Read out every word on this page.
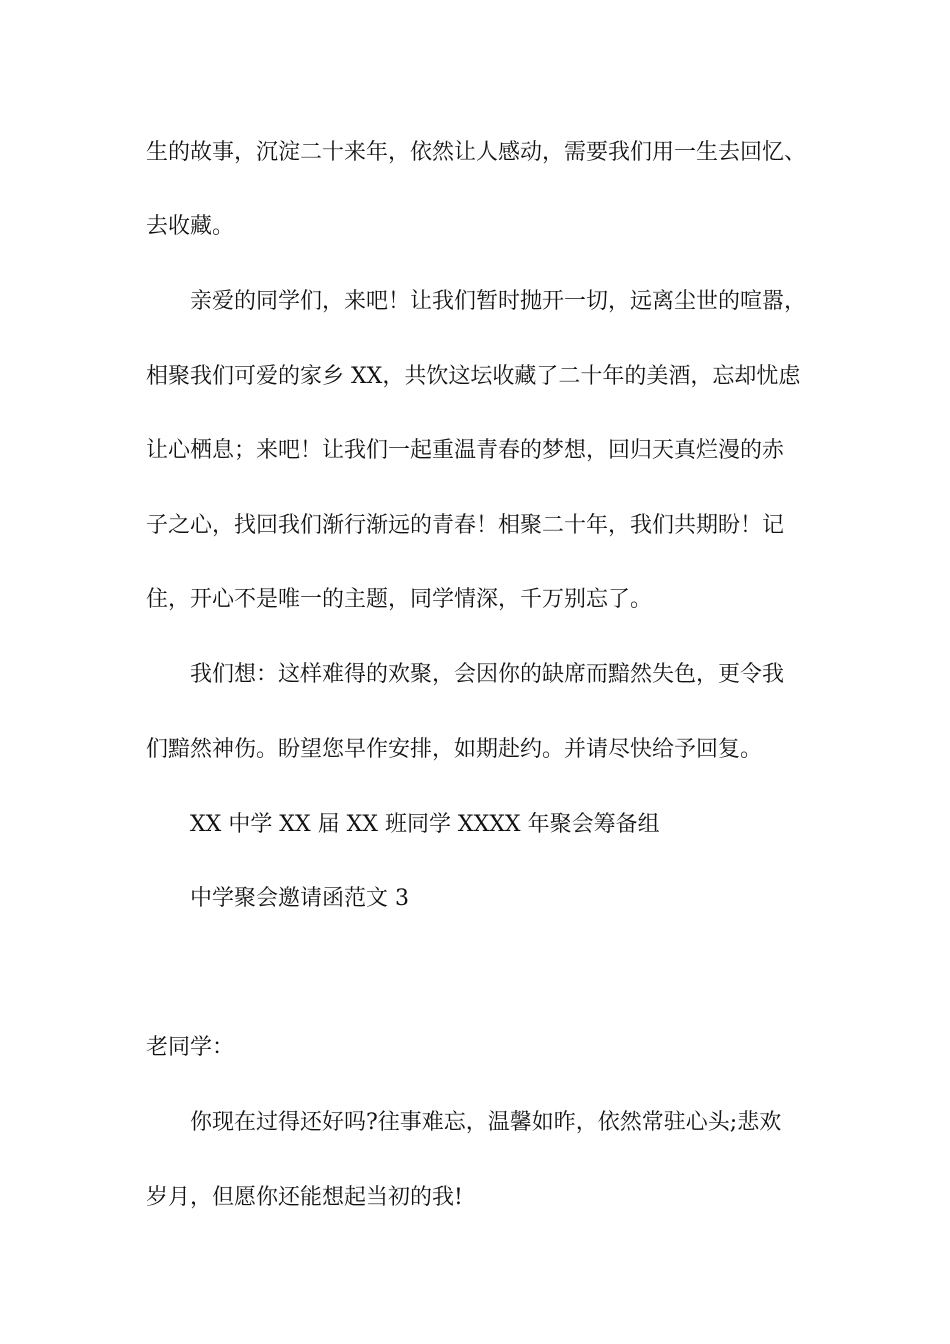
生的故事，沉淀二十来年，依然让人感动，需要我们用一生去回忆、
去收藏。
亲爱的同学们，来吧！让我们暂时抛开一切，远离尘世的喧嚣，
相聚我们可爱的家乡 XX，共饮这坛收藏了二十年的美酒，忘却忧虑
让心栖息；来吧！让我们一起重温青春的梦想，回归天真烂漫的赤
子之心，找回我们渐行渐远的青春！相聚二十年，我们共期盼！记
住，开心不是唯一的主题，同学情深，千万别忘了。
我们想：这样难得的欢聚，会因你的缺席而黯然失色，更令我
们黯然神伤。盼望您早作安排，如期赴约。并请尽快给予回复。
XX 中学 XX 届 XX 班同学 XXXX 年聚会筹备组
中学聚会邀请函范文 3
老同学：
你现在过得还好吗?往事难忘，温馨如昨，依然常驻心头;悲欢
岁月，但愿你还能想起当初的我!
